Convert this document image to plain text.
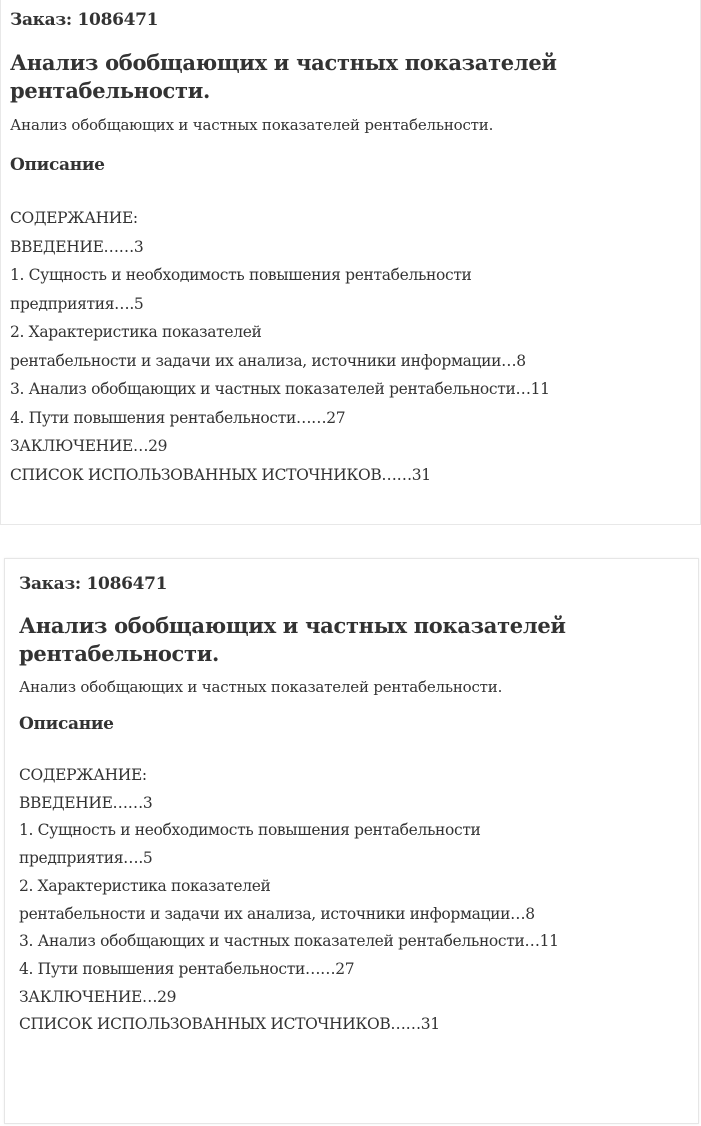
Заказ: 1086471

Анализ обобщающих и частных показателей рентабельности.

Анализ обобщающих и частных показателей рентабельности.

Описание
СОДЕРЖАНИЕ:
ВВЕДЕНИЕ……3
1. Сущность и необходимость повышения рентабельности
предприятия….5
2. Характеристика показателей
рентабельности и задачи их анализа, источники информации…8
3. Анализ обобщающих и частных показателей рентабельности…11
4. Пути повышения рентабельности……27
ЗАКЛЮЧЕНИЕ…29
СПИСОК ИСПОЛЬЗОВАННЫХ ИСТОЧНИКОВ……31

Заказ: 1086471

Анализ обобщающих и частных показателей рентабельности.

Анализ обобщающих и частных показателей рентабельности.

Описание
СОДЕРЖАНИЕ:
ВВЕДЕНИЕ……3
1. Сущность и необходимость повышения рентабельности
предприятия….5
2. Характеристика показателей
рентабельности и задачи их анализа, источники информации…8
3. Анализ обобщающих и частных показателей рентабельности…11
4. Пути повышения рентабельности……27
ЗАКЛЮЧЕНИЕ…29
СПИСОК ИСПОЛЬЗОВАННЫХ ИСТОЧНИКОВ……31
